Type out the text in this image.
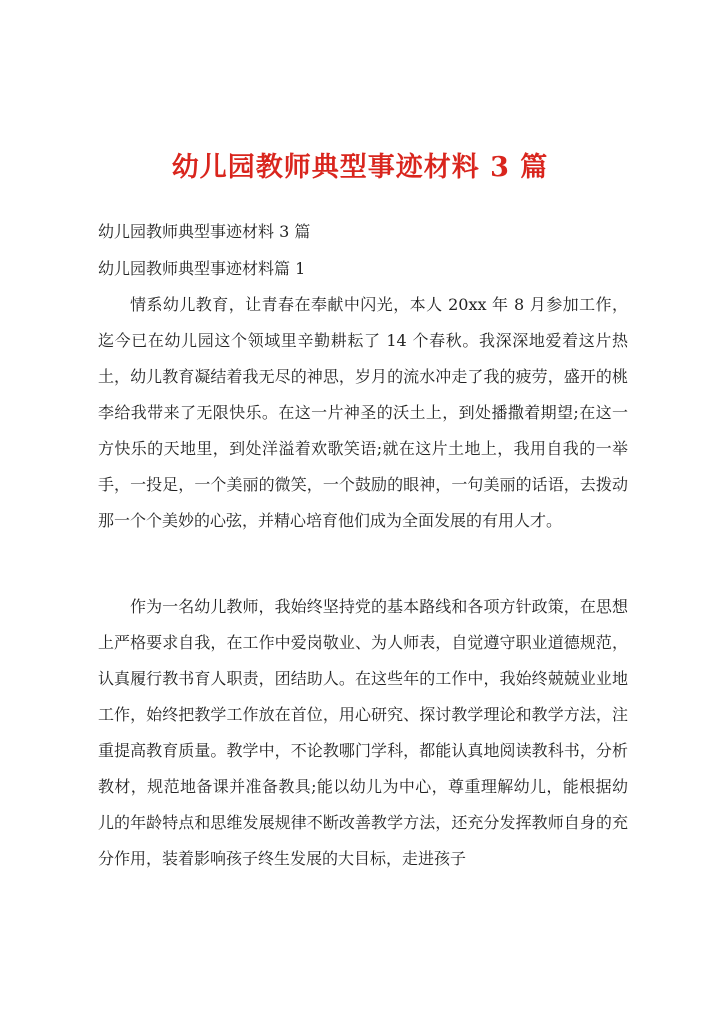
幼儿园教师典型事迹材料 3 篇
幼儿园教师典型事迹材料 3 篇
幼儿园教师典型事迹材料篇 1

情系幼儿教育，让青春在奉献中闪光，本人 20xx 年 8 月参加工作，迄今已在幼儿园这个领域里辛勤耕耘了 14 个春秋。我深深地爱着这片热土，幼儿教育凝结着我无尽的神思，岁月的流水冲走了我的疲劳，盛开的桃李给我带来了无限快乐。在这一片神圣的沃土上，到处播撒着期望;在这一方快乐的天地里，到处洋溢着欢歌笑语;就在这片土地上，我用自我的一举手，一投足，一个美丽的微笑，一个鼓励的眼神，一句美丽的话语，去拨动那一个个美妙的心弦，并精心培育他们成为全面发展的有用人才。

作为一名幼儿教师，我始终坚持党的基本路线和各项方针政策，在思想上严格要求自我，在工作中爱岗敬业、为人师表，自觉遵守职业道德规范，认真履行教书育人职责，团结助人。在这些年的工作中，我始终兢兢业业地工作，始终把教学工作放在首位，用心研究、探讨教学理论和教学方法，注重提高教育质量。教学中，不论教哪门学科，都能认真地阅读教科书，分析教材，规范地备课并准备教具;能以幼儿为中心，尊重理解幼儿，能根据幼儿的年龄特点和思维发展规律不断改善教学方法，还充分发挥教师自身的充分作用，装着影响孩子终生发展的大目标，走进孩子
